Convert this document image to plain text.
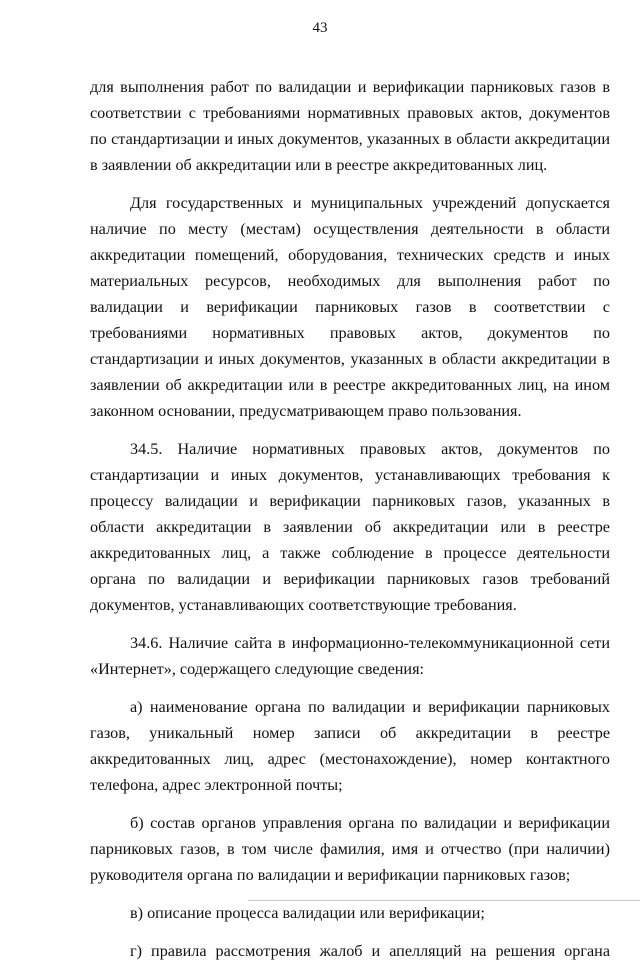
43

для выполнения работ по валидации и верификации парниковых газов в соответствии с требованиями нормативных правовых актов, документов по стандартизации и иных документов, указанных в области аккредитации в заявлении об аккредитации или в реестре аккредитованных лиц.

Для государственных и муниципальных учреждений допускается наличие по месту (местам) осуществления деятельности в области аккредитации помещений, оборудования, технических средств и иных материальных ресурсов, необходимых для выполнения работ по валидации и верификации парниковых газов в соответствии с требованиями нормативных правовых актов, документов по стандартизации и иных документов, указанных в области аккредитации в заявлении об аккредитации или в реестре аккредитованных лиц, на ином законном основании, предусматривающем право пользования.

34.5. Наличие нормативных правовых актов, документов по стандартизации и иных документов, устанавливающих требования к процессу валидации и верификации парниковых газов, указанных в области аккредитации в заявлении об аккредитации или в реестре аккредитованных лиц, а также соблюдение в процессе деятельности органа по валидации и верификации парниковых газов требований документов, устанавливающих соответствующие требования.

34.6. Наличие сайта в информационно-телекоммуникационной сети «Интернет», содержащего следующие сведения:

а) наименование органа по валидации и верификации парниковых газов, уникальный номер записи об аккредитации в реестре аккредитованных лиц, адрес (местонахождение), номер контактного телефона, адрес электронной почты;

б) состав органов управления органа по валидации и верификации парниковых газов, в том числе фамилия, имя и отчество (при наличии) руководителя органа по валидации и верификации парниковых газов;

в) описание процесса валидации или верификации;

г) правила рассмотрения жалоб и апелляций на решения органа
